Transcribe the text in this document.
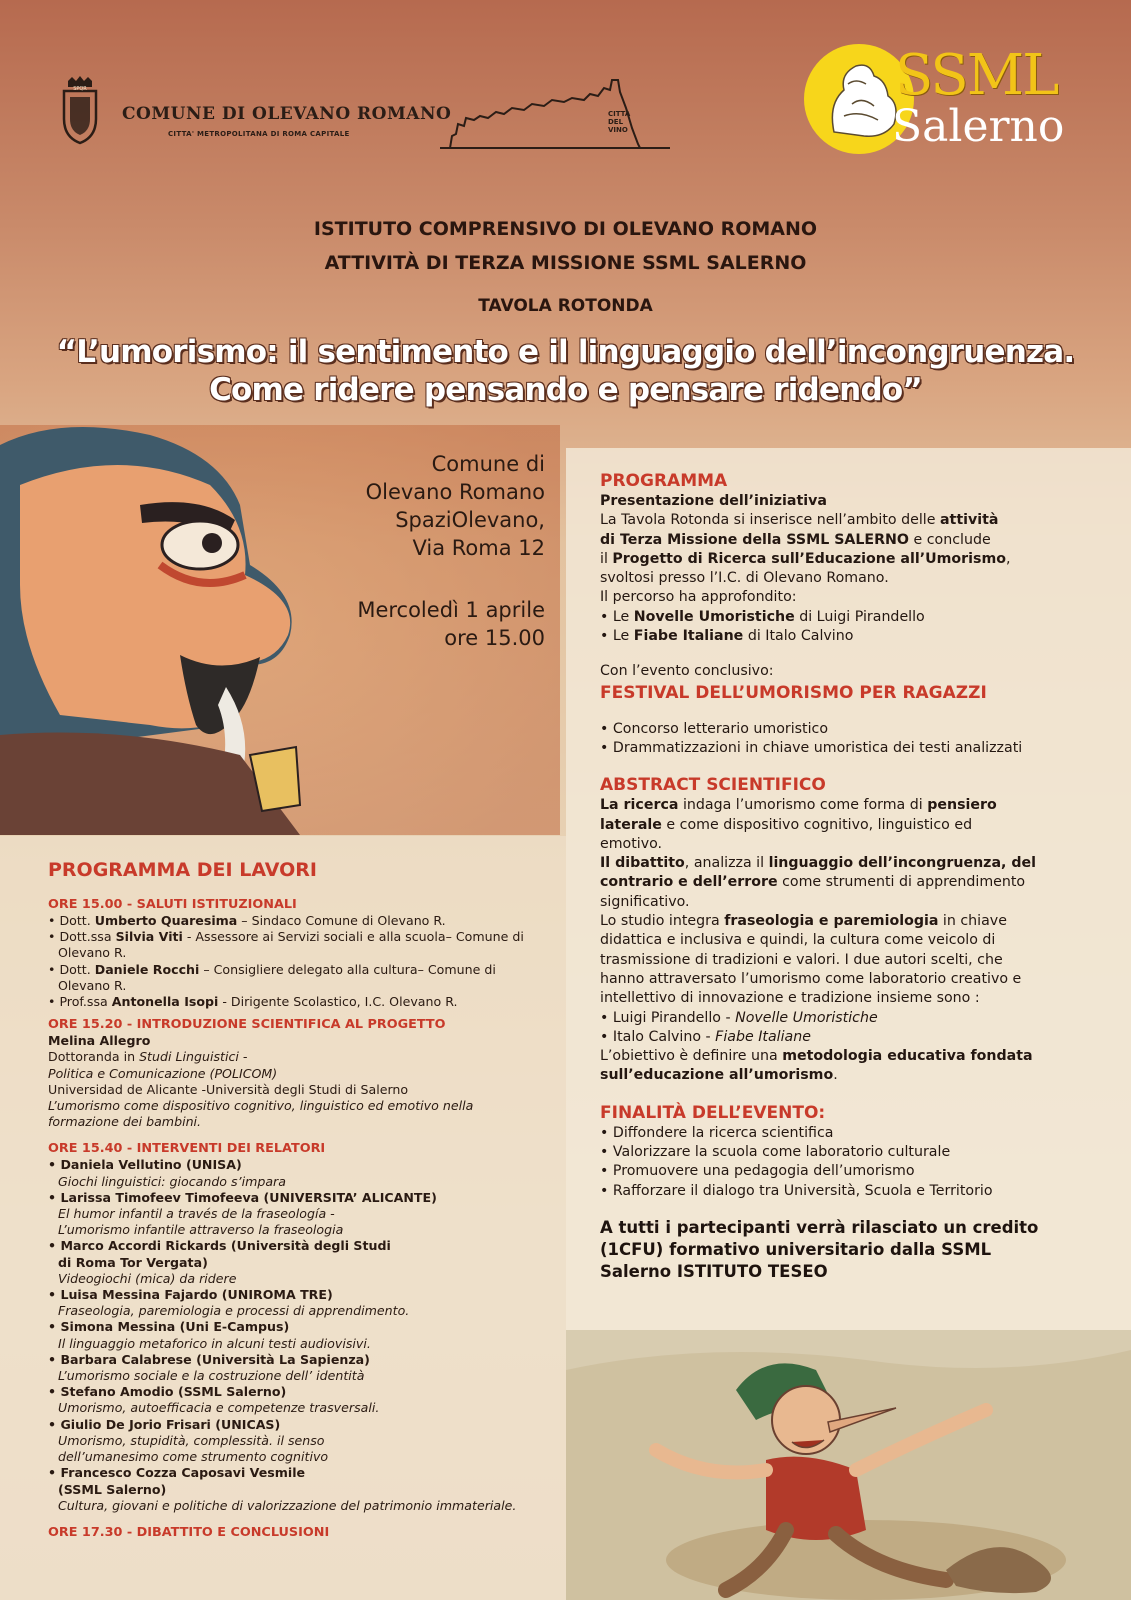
SPQR
COMUNE DI OLEVANO ROMANO
CITTA' METROPOLITANA DI ROMA CAPITALE
CITTÀ DEL VINO
SSML
Salerno
ISTITUTO COMPRENSIVO DI OLEVANO ROMANO
ATTIVITÀ DI TERZA MISSIONE SSML SALERNO
TAVOLA ROTONDA
“L’umorismo: il sentimento e il linguaggio dell’incongruenza.
Come ridere pensando e pensare ridendo”
Comune di
Olevano Romano
SpaziOlevano,
Via Roma 12
Mercoledì 1 aprile
ore 15.00
PROGRAMMA
Presentazione dell’iniziativa
La Tavola Rotonda si inserisce nell’ambito delle attività
di Terza Missione della SSML SALERNO e conclude
il Progetto di Ricerca sull’Educazione all’Umorismo,
svoltosi presso l’I.C. di Olevano Romano.
Il percorso ha approfondito:
• Le Novelle Umoristiche di Luigi Pirandello
• Le Fiabe Italiane di Italo Calvino
Con l’evento conclusivo:
FESTIVAL DELL’UMORISMO PER RAGAZZI
• Concorso letterario umoristico
• Drammatizzazioni in chiave umoristica dei testi analizzati
ABSTRACT SCIENTIFICO
La ricerca indaga l’umorismo come forma di pensiero
laterale e come dispositivo cognitivo, linguistico ed
emotivo.
Il dibattito, analizza il linguaggio dell’incongruenza, del
contrario e dell’errore come strumenti di apprendimento
significativo.
Lo studio integra fraseologia e paremiologia in chiave
didattica e inclusiva e quindi, la cultura come veicolo di
trasmissione di tradizioni e valori. I due autori scelti, che
hanno attraversato l’umorismo come laboratorio creativo e
intellettivo di innovazione e tradizione insieme sono :
• Luigi Pirandello - Novelle Umoristiche
• Italo Calvino - Fiabe Italiane
L’obiettivo è definire una metodologia educativa fondata
sull’educazione all’umorismo.
FINALITÀ DELL’EVENTO:
• Diffondere la ricerca scientifica
• Valorizzare la scuola come laboratorio culturale
• Promuovere una pedagogia dell’umorismo
• Rafforzare il dialogo tra Università, Scuola e Territorio
A tutti i partecipanti verrà rilasciato un credito
(1CFU) formativo universitario dalla SSML
Salerno ISTITUTO TESEO
PROGRAMMA DEI LAVORI
ORE 15.00 - SALUTI ISTITUZIONALI
• Dott. Umberto Quaresima – Sindaco Comune di Olevano R.
• Dott.ssa Silvia Viti - Assessore ai Servizi sociali e alla scuola– Comune di Olevano R.
• Dott. Daniele Rocchi – Consigliere delegato alla cultura– Comune di Olevano R.
• Prof.ssa Antonella Isopi - Dirigente Scolastico, I.C. Olevano R.
ORE 15.20 - INTRODUZIONE SCIENTIFICA AL PROGETTO
Melina Allegro
Dottoranda in Studi Linguistici -
Politica e Comunicazione (POLICOM)
Universidad de Alicante -Università degli Studi di Salerno
L’umorismo come dispositivo cognitivo, linguistico ed emotivo nella
formazione dei bambini.
ORE 15.40 - INTERVENTI DEI RELATORI
• Daniela Vellutino (UNISA)
Giochi linguistici: giocando s’impara
• Larissa Timofeev Timofeeva (UNIVERSITA’ ALICANTE)
El humor infantil a través de la fraseología -
L’umorismo infantile attraverso la fraseologia
• Marco Accordi Rickards (Università degli Studi
di Roma Tor Vergata)
Videogiochi (mica) da ridere
• Luisa Messina Fajardo (UNIROMA TRE)
Fraseologia, paremiologia e processi di apprendimento.
• Simona Messina (Uni E-Campus)
Il linguaggio metaforico in alcuni testi audiovisivi.
• Barbara Calabrese (Università La Sapienza)
L’umorismo sociale e la costruzione dell’ identità
• Stefano Amodio (SSML Salerno)
Umorismo, autoefficacia e competenze trasversali.
• Giulio De Jorio Frisari (UNICAS)
Umorismo, stupidità, complessità. il senso
dell’umanesimo come strumento cognitivo
• Francesco Cozza Caposavi Vesmile
(SSML Salerno)
Cultura, giovani e politiche di valorizzazione del patrimonio immateriale.
ORE 17.30 - DIBATTITO E CONCLUSIONI
